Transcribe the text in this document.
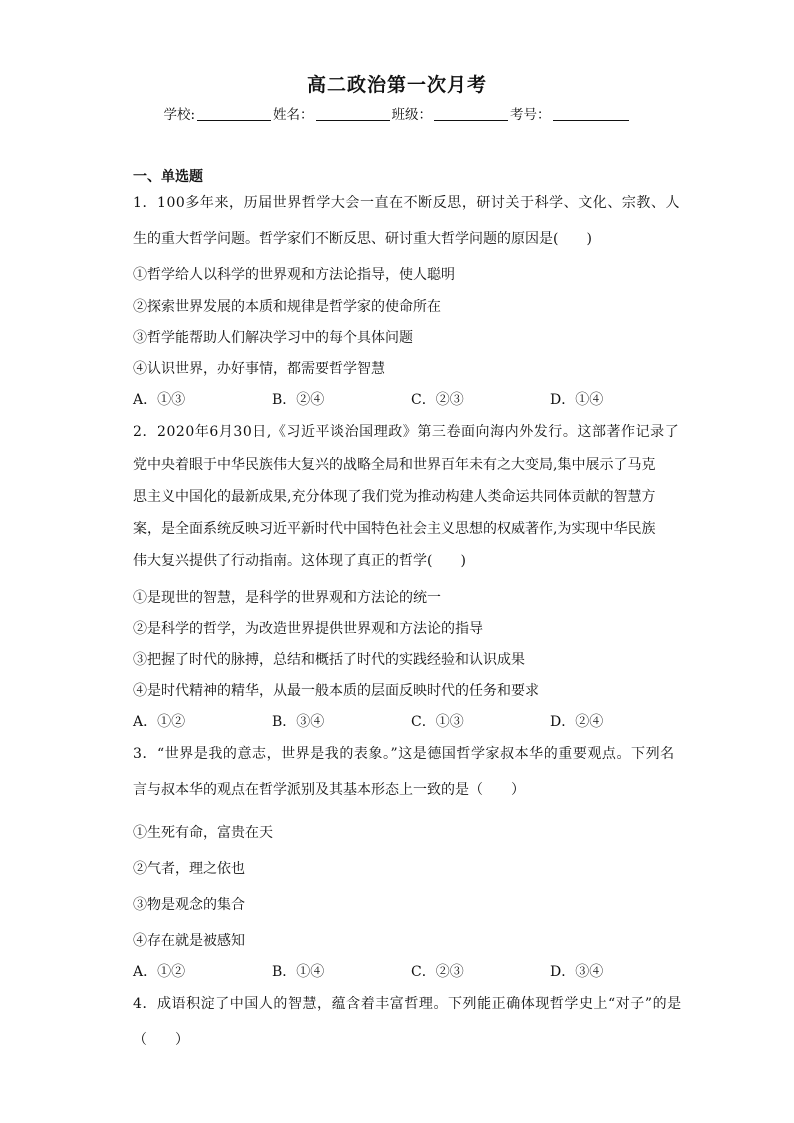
高二政治第一次月考
学校:	姓名：	班级：	考号：
一、单选题
1．100多年来，历届世界哲学大会一直在不断反思，研讨关于科学、文化、宗教、人
生的重大哲学问题。哲学家们不断反思、研讨重大哲学问题的原因是(　　)
①哲学给人以科学的世界观和方法论指导，使人聪明
②探索世界发展的本质和规律是哲学家的使命所在
③哲学能帮助人们解决学习中的每个具体问题
④认识世界，办好事情，都需要哲学智慧
A．①③	B．②④	C．②③	D．①④
2．2020年6月30日,《习近平谈治国理政》第三卷面向海内外发行。这部著作记录了
党中央着眼于中华民族伟大复兴的战略全局和世界百年未有之大变局,集中展示了马克
思主义中国化的最新成果,充分体现了我们党为推动构建人类命运共同体贡献的智慧方
案，是全面系统反映习近平新时代中国特色社会主义思想的权威著作,为实现中华民族
伟大复兴提供了行动指南。这体现了真正的哲学(　　)
①是现世的智慧，是科学的世界观和方法论的统一
②是科学的哲学，为改造世界提供世界观和方法论的指导
③把握了时代的脉搏，总结和概括了时代的实践经验和认识成果
④是时代精神的精华，从最一般本质的层面反映时代的任务和要求
A．①②	B．③④	C．①③	D．②④
3．“世界是我的意志，世界是我的表象。”这是德国哲学家叔本华的重要观点。下列名
言与叔本华的观点在哲学派别及其基本形态上一致的是（　　）
①生死有命，富贵在天
②气者，理之依也
③物是观念的集合
④存在就是被感知
A．①②	B．①④	C．②③	D．③④
4．成语积淀了中国人的智慧，蕴含着丰富哲理。下列能正确体现哲学史上“对子”的是
（　　）
